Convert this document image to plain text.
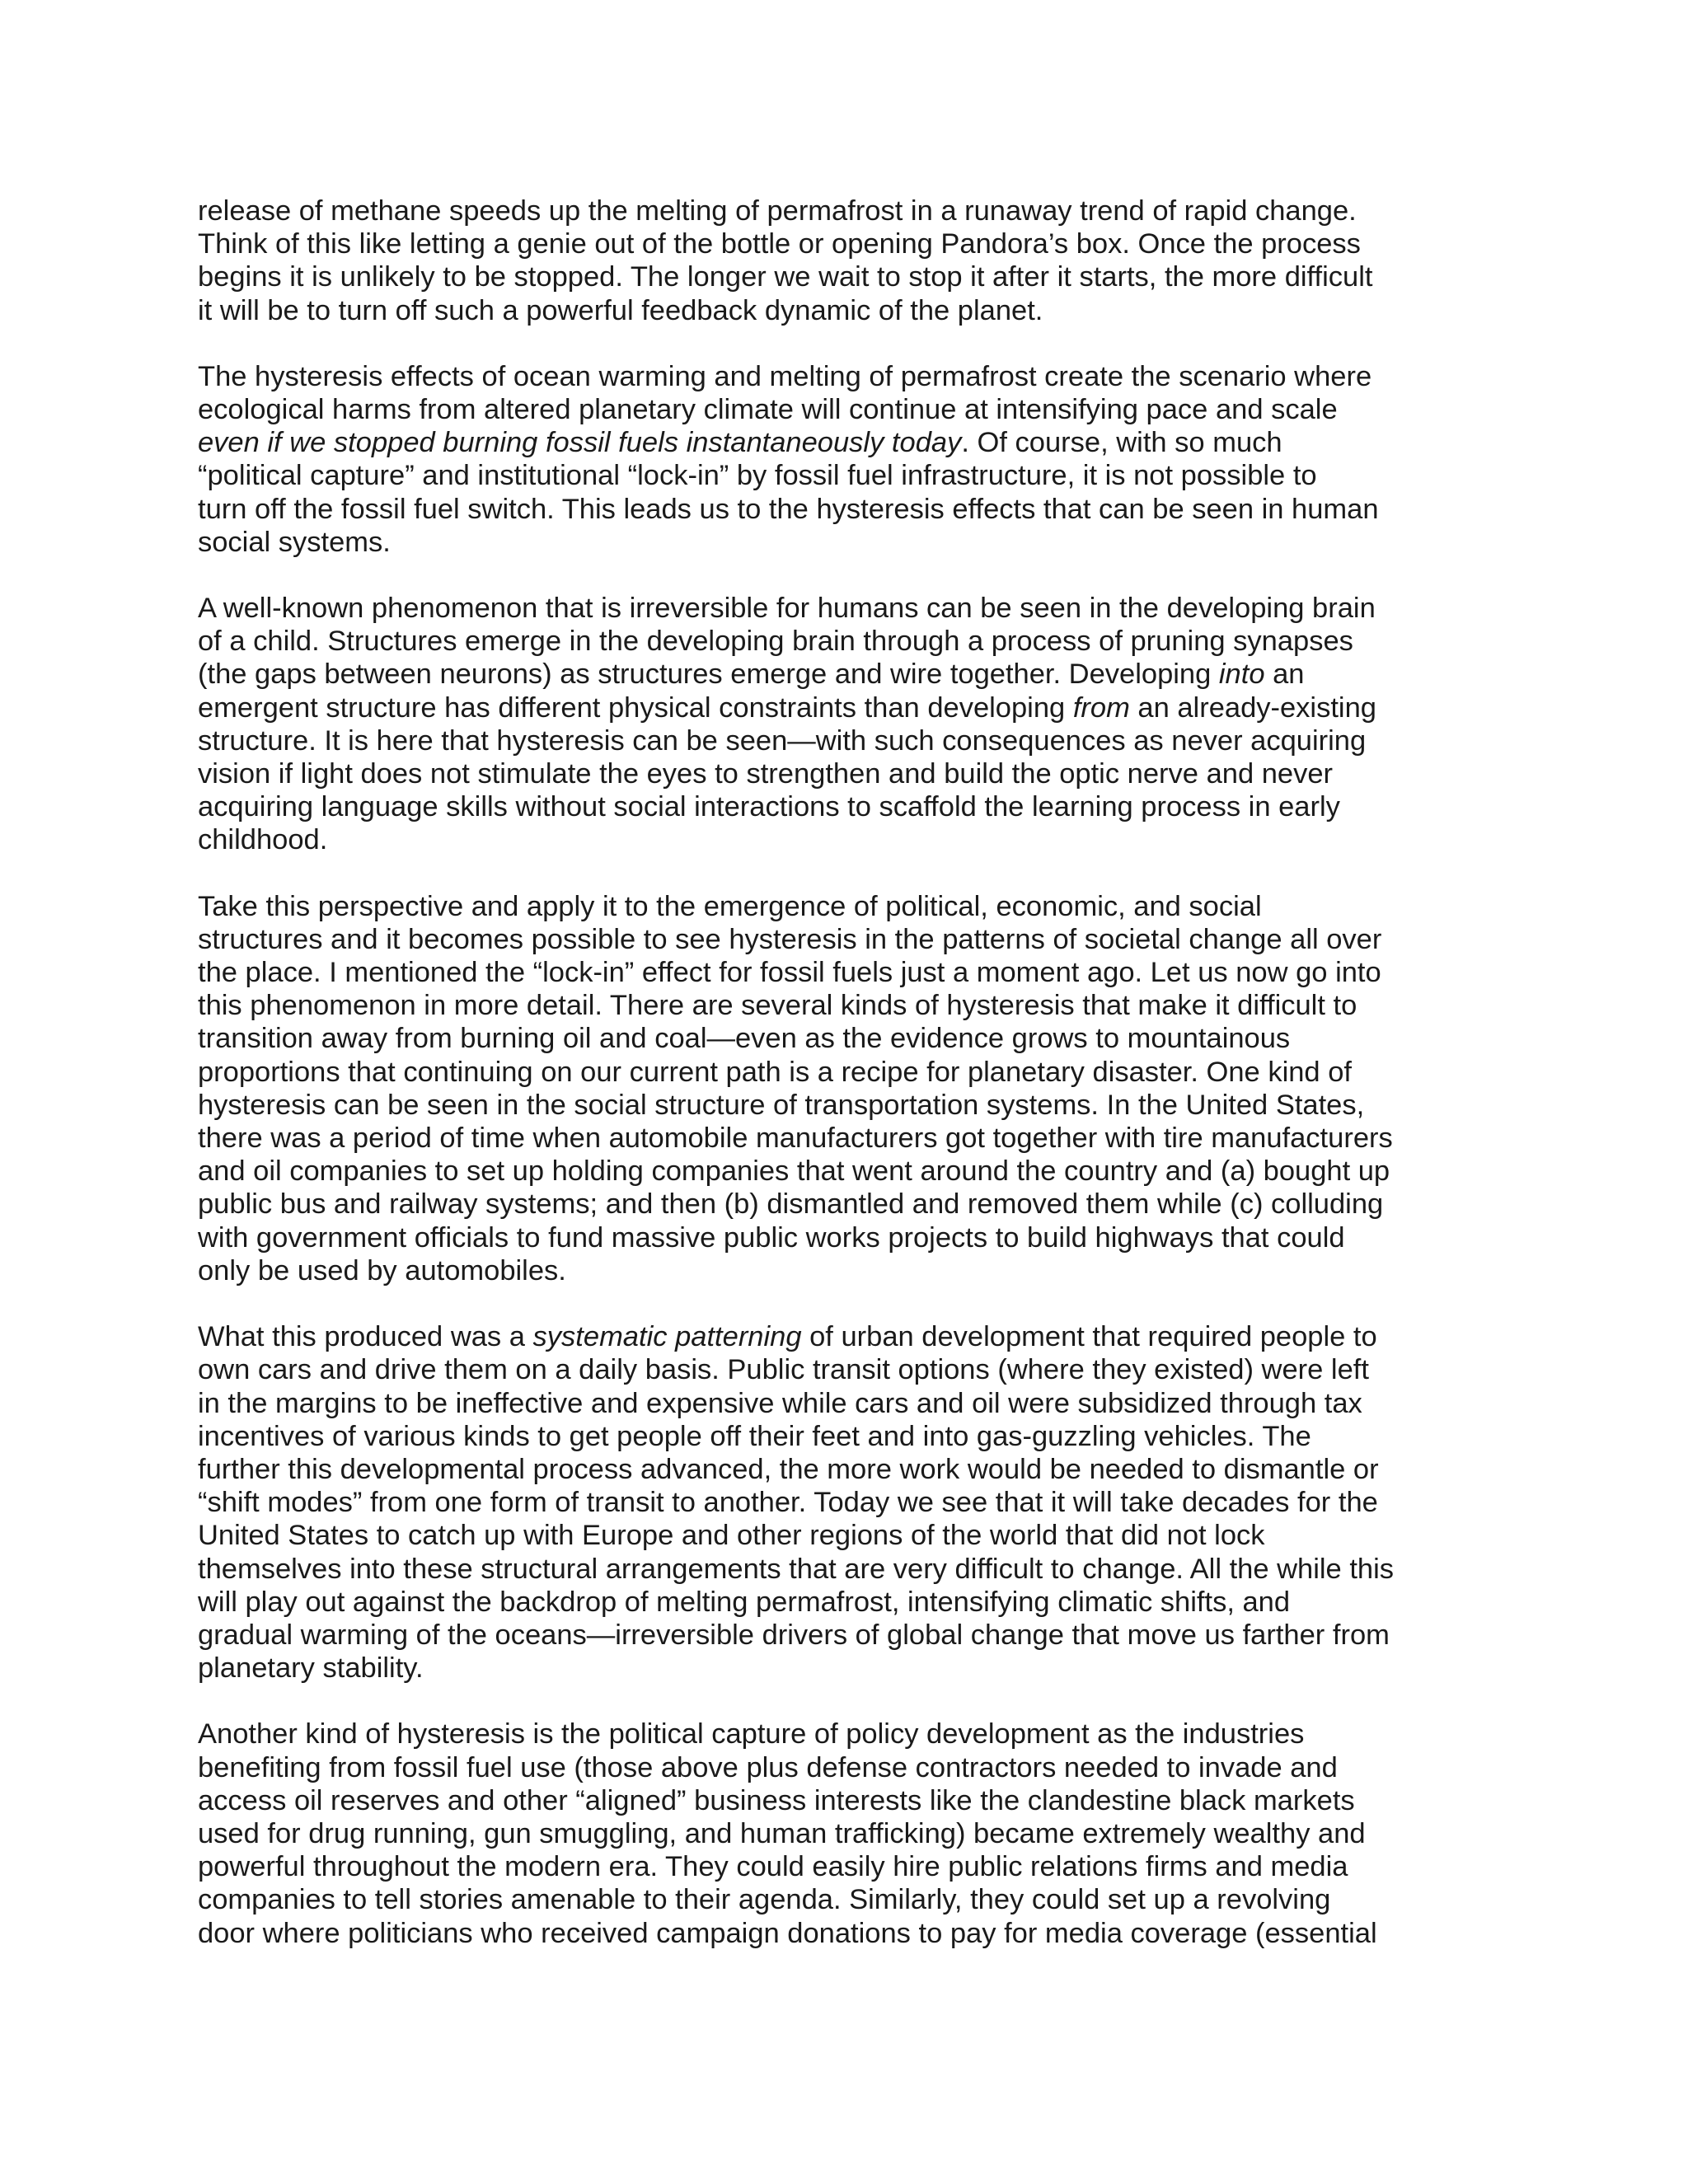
release of methane speeds up the melting of permafrost in a runaway trend of rapid change.
Think of this like letting a genie out of the bottle or opening Pandora’s box. Once the process
begins it is unlikely to be stopped. The longer we wait to stop it after it starts, the more difficult
it will be to turn off such a powerful feedback dynamic of the planet.
The hysteresis effects of ocean warming and melting of permafrost create the scenario where
ecological harms from altered planetary climate will continue at intensifying pace and scale
even if we stopped burning fossil fuels instantaneously today. Of course, with so much
“political capture” and institutional “lock-in” by fossil fuel infrastructure, it is not possible to
turn off the fossil fuel switch. This leads us to the hysteresis effects that can be seen in human
social systems.
A well-known phenomenon that is irreversible for humans can be seen in the developing brain
of a child. Structures emerge in the developing brain through a process of pruning synapses
(the gaps between neurons) as structures emerge and wire together. Developing into an
emergent structure has different physical constraints than developing from an already-existing
structure. It is here that hysteresis can be seen—with such consequences as never acquiring
vision if light does not stimulate the eyes to strengthen and build the optic nerve and never
acquiring language skills without social interactions to scaffold the learning process in early
childhood.
Take this perspective and apply it to the emergence of political, economic, and social
structures and it becomes possible to see hysteresis in the patterns of societal change all over
the place. I mentioned the “lock-in” effect for fossil fuels just a moment ago. Let us now go into
this phenomenon in more detail. There are several kinds of hysteresis that make it difficult to
transition away from burning oil and coal—even as the evidence grows to mountainous
proportions that continuing on our current path is a recipe for planetary disaster. One kind of
hysteresis can be seen in the social structure of transportation systems. In the United States,
there was a period of time when automobile manufacturers got together with tire manufacturers
and oil companies to set up holding companies that went around the country and (a) bought up
public bus and railway systems; and then (b) dismantled and removed them while (c) colluding
with government officials to fund massive public works projects to build highways that could
only be used by automobiles.
What this produced was a systematic patterning of urban development that required people to
own cars and drive them on a daily basis. Public transit options (where they existed) were left
in the margins to be ineffective and expensive while cars and oil were subsidized through tax
incentives of various kinds to get people off their feet and into gas-guzzling vehicles. The
further this developmental process advanced, the more work would be needed to dismantle or
“shift modes” from one form of transit to another. Today we see that it will take decades for the
United States to catch up with Europe and other regions of the world that did not lock
themselves into these structural arrangements that are very difficult to change. All the while this
will play out against the backdrop of melting permafrost, intensifying climatic shifts, and
gradual warming of the oceans—irreversible drivers of global change that move us farther from
planetary stability.
Another kind of hysteresis is the political capture of policy development as the industries
benefiting from fossil fuel use (those above plus defense contractors needed to invade and
access oil reserves and other “aligned” business interests like the clandestine black markets
used for drug running, gun smuggling, and human trafficking) became extremely wealthy and
powerful throughout the modern era. They could easily hire public relations firms and media
companies to tell stories amenable to their agenda. Similarly, they could set up a revolving
door where politicians who received campaign donations to pay for media coverage (essential
